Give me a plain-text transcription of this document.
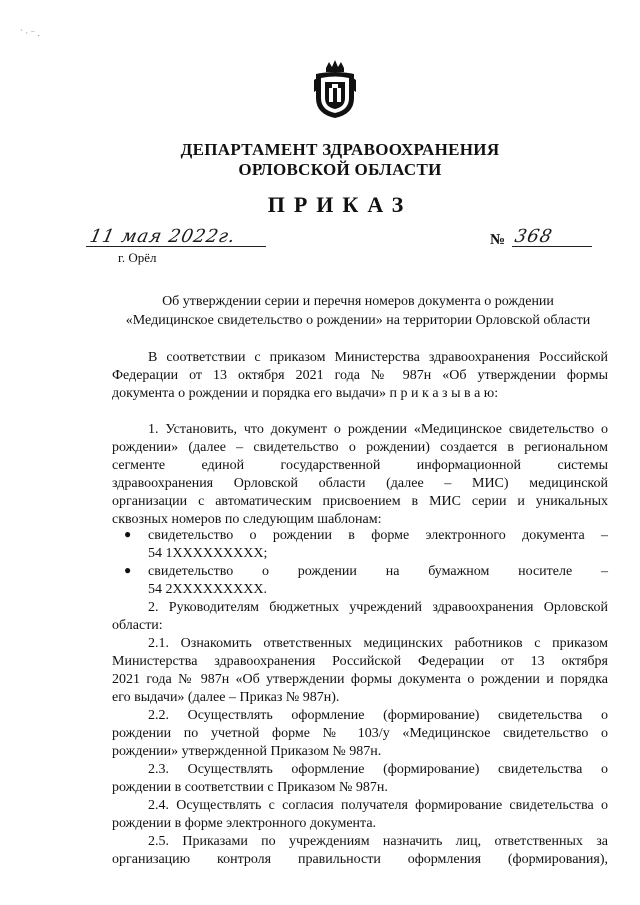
` · ⁻ .
ДЕПАРТАМЕНТ ЗДРАВООХРАНЕНИЯ
ОРЛОВСКОЙ ОБЛАСТИ
ПРИКАЗ
11 мая 2022г.
г. Орёл
№ 368
Об утверждении серии и перечня номеров документа о рождении
«Медицинское свидетельство о рождении» на территории Орловской области
В соответствии с приказом Министерства здравоохранения Российской
Федерации от 13 октября 2021 года № 987н «Об утверждении формы
документа о рождении и порядка его выдачи» п р и к а з ы в а ю:
1. Установить, что документ о рождении «Медицинское свидетельство о
рождении» (далее – свидетельство о рождении) создается в региональном
сегменте единой государственной информационной системы
здравоохранения Орловской области (далее – МИС) медицинской
организации с автоматическим присвоением в МИС серии и уникальных
сквозных номеров по следующим шаблонам:
● свидетельство о рождении в форме электронного документа –
54 1ХХХХХХХХХ;
● свидетельство о рождении на бумажном носителе –
54 2ХХХХХХХХХ.
2. Руководителям бюджетных учреждений здравоохранения Орловской
области:
2.1. Ознакомить ответственных медицинских работников с приказом
Министерства здравоохранения Российской Федерации от 13 октября
2021 года № 987н «Об утверждении формы документа о рождении и порядка
его выдачи» (далее – Приказ № 987н).
2.2. Осуществлять оформление (формирование) свидетельства о
рождении по учетной форме № 103/у «Медицинское свидетельство о
рождении» утвержденной Приказом № 987н.
2.3. Осуществлять оформление (формирование) свидетельства о
рождении в соответствии с Приказом № 987н.
2.4. Осуществлять с согласия получателя формирование свидетельства о
рождении в форме электронного документа.
2.5. Приказами по учреждениям назначить лиц, ответственных за
организацию контроля правильности оформления (формирования),
